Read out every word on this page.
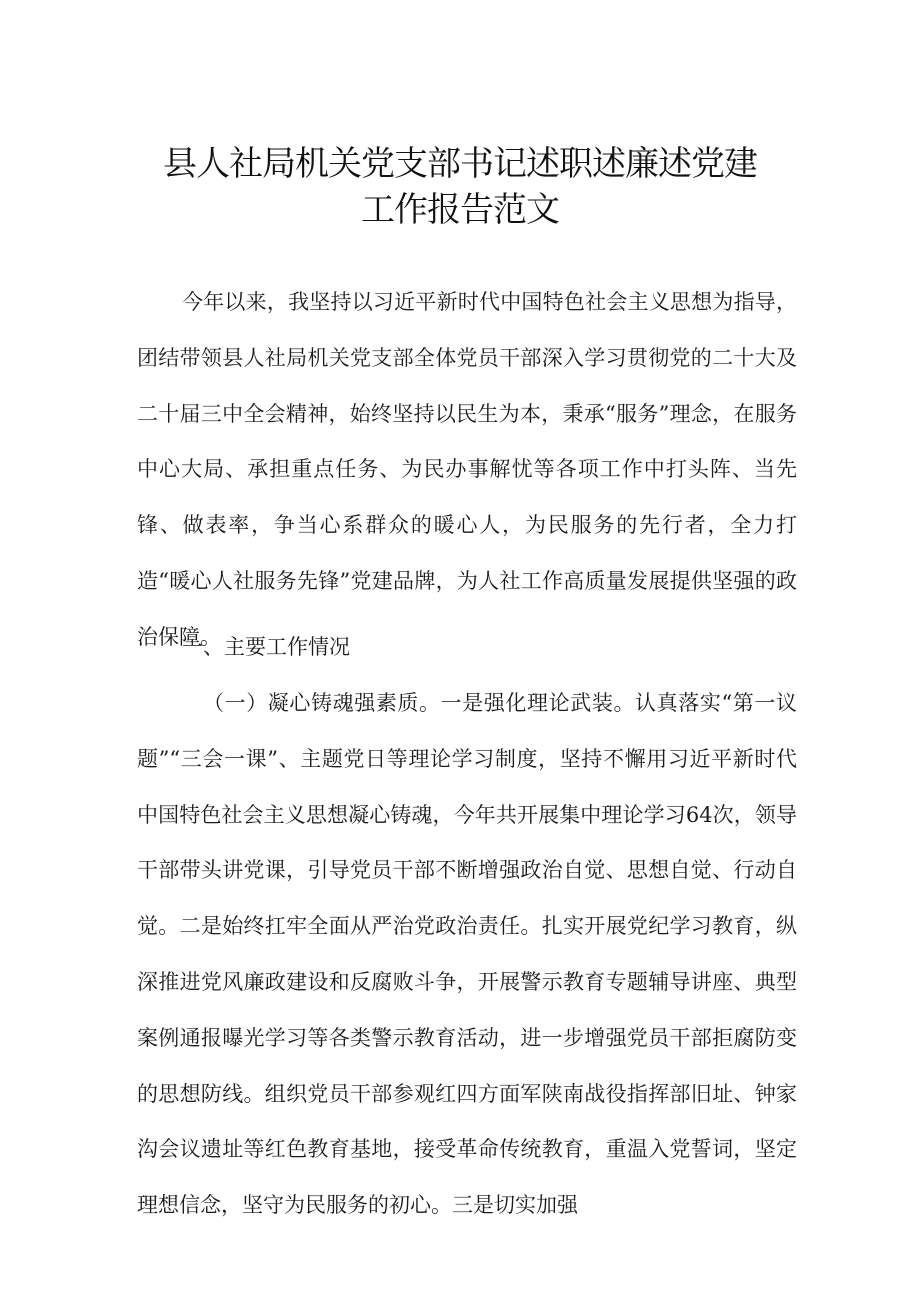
县人社局机关党支部书记述职述廉述党建
工作报告范文

今年以来，我坚持以习近平新时代中国特色社会主义思想为指导，团结带领县人社局机关党支部全体党员干部深入学习贯彻党的二十大及二十届三中全会精神，始终坚持以民生为本，秉承“服务”理念，在服务中心大局、承担重点任务、为民办事解忧等各项工作中打头阵、当先锋、做表率，争当心系群众的暖心人，为民服务的先行者，全力打造“暖心人社服务先锋”党建品牌，为人社工作高质量发展提供坚强的政治保障。

一、主要工作情况

（一）凝心铸魂强素质。一是强化理论武装。认真落实“第一议题”“三会一课”、主题党日等理论学习制度，坚持不懈用习近平新时代中国特色社会主义思想凝心铸魂，今年共开展集中理论学习64次，领导干部带头讲党课，引导党员干部不断增强政治自觉、思想自觉、行动自觉。二是始终扛牢全面从严治党政治责任。扎实开展党纪学习教育，纵深推进党风廉政建设和反腐败斗争，开展警示教育专题辅导讲座、典型案例通报曝光学习等各类警示教育活动，进一步增强党员干部拒腐防变的思想防线。组织党员干部参观红四方面军陕南战役指挥部旧址、钟家沟会议遗址等红色教育基地，接受革命传统教育，重温入党誓词，坚定理想信念，坚守为民服务的初心。三是切实加强
